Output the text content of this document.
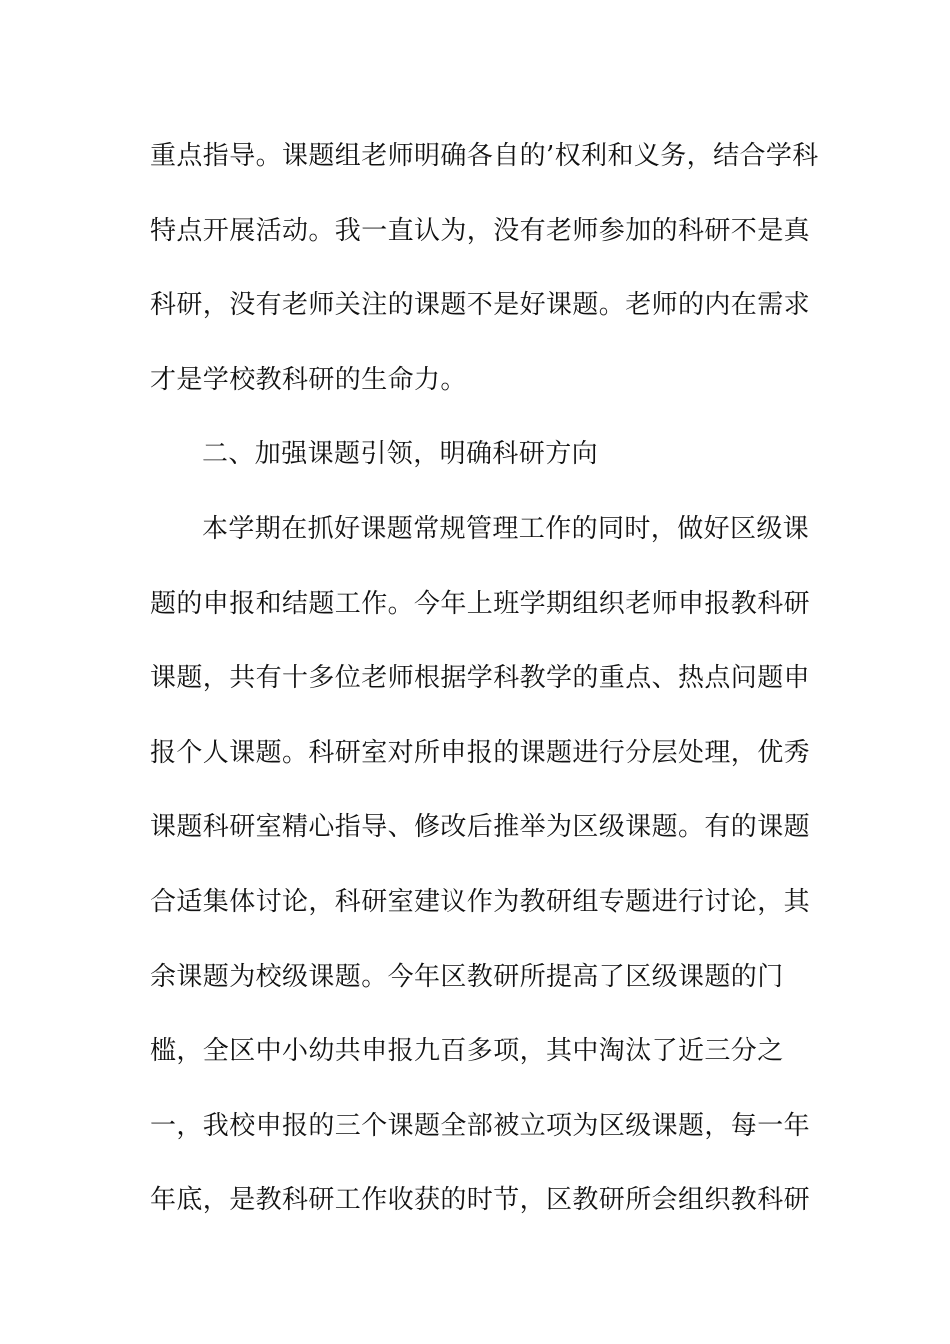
重点指导。课题组老师明确各自的’权利和义务，结合学科
特点开展活动。我一直认为，没有老师参加的科研不是真
科研，没有老师关注的课题不是好课题。老师的内在需求
才是学校教科研的生命力。
二、加强课题引领，明确科研方向
本学期在抓好课题常规管理工作的同时，做好区级课
题的申报和结题工作。今年上班学期组织老师申报教科研
课题，共有十多位老师根据学科教学的重点、热点问题申
报个人课题。科研室对所申报的课题进行分层处理，优秀
课题科研室精心指导、修改后推举为区级课题。有的课题
合适集体讨论，科研室建议作为教研组专题进行讨论，其
余课题为校级课题。今年区教研所提高了区级课题的门
槛，全区中小幼共申报九百多项，其中淘汰了近三分之
一，我校申报的三个课题全部被立项为区级课题，每一年
年底，是教科研工作收获的时节，区教研所会组织教科研
